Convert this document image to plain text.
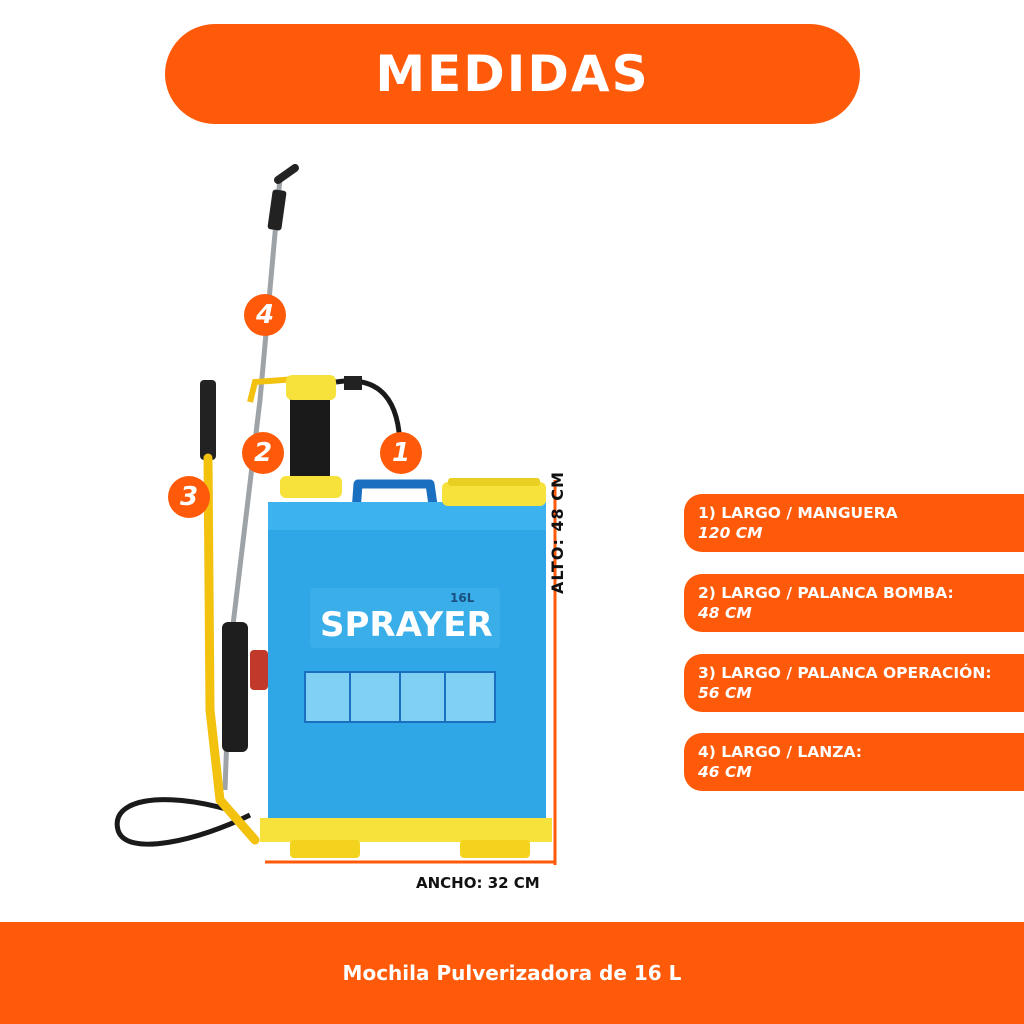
MEDIDAS
SPRAYER
16L
4
2	1
3	ALTO: 48 CM
ANCHO: 32 CM
1) LARGO / MANGUERA
120 CM
2) LARGO / PALANCA BOMBA:
48 CM
3) LARGO / PALANCA OPERACIÓN:
56 CM
4) LARGO / LANZA:
46 CM
Mochila Pulverizadora de 16 L
